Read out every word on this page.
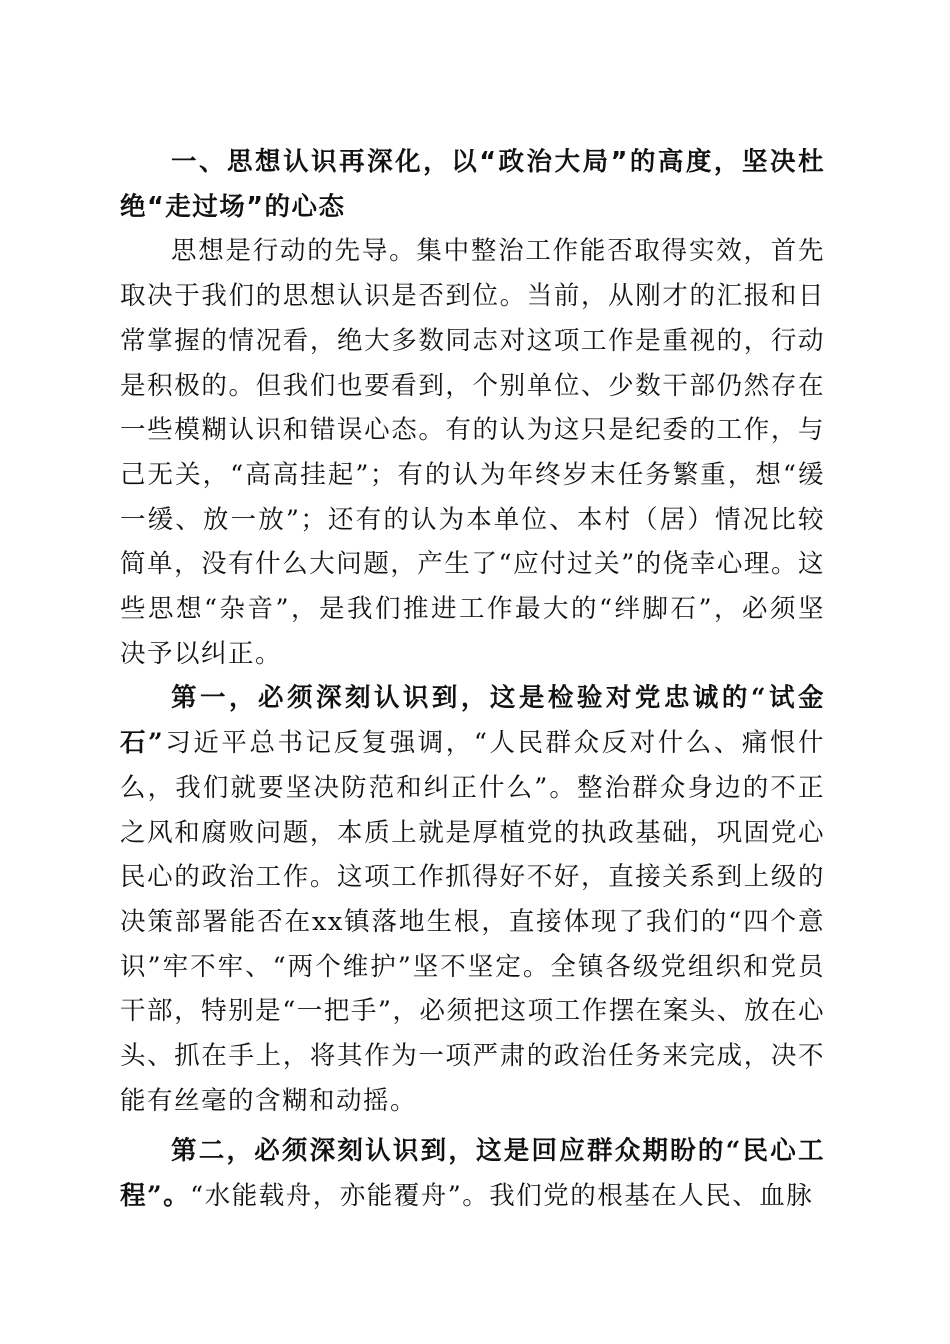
一、思想认识再深化，以“政治大局”的高度，坚决杜绝“走过场”的心态

思想是行动的先导。集中整治工作能否取得实效，首先取决于我们的思想认识是否到位。当前，从刚才的汇报和日常掌握的情况看，绝大多数同志对这项工作是重视的，行动是积极的。但我们也要看到，个别单位、少数干部仍然存在一些模糊认识和错误心态。有的认为这只是纪委的工作，与己无关，“高高挂起”；有的认为年终岁末任务繁重，想“缓一缓、放一放”；还有的认为本单位、本村（居）情况比较简单，没有什么大问题，产生了“应付过关”的侥幸心理。这些思想“杂音”，是我们推进工作最大的“绊脚石”，必须坚决予以纠正。

第一，必须深刻认识到，这是检验对党忠诚的“试金石”习近平总书记反复强调，“人民群众反对什么、痛恨什么，我们就要坚决防范和纠正什么”。整治群众身边的不正之风和腐败问题，本质上就是厚植党的执政基础，巩固党心民心的政治工作。这项工作抓得好不好，直接关系到上级的决策部署能否在xx镇落地生根，直接体现了我们的“四个意识”牢不牢、“两个维护”坚不坚定。全镇各级党组织和党员干部，特别是“一把手”，必须把这项工作摆在案头、放在心头、抓在手上，将其作为一项严肃的政治任务来完成，决不能有丝毫的含糊和动摇。

第二，必须深刻认识到，这是回应群众期盼的“民心工程”。“水能载舟，亦能覆舟”。我们党的根基在人民、血脉
